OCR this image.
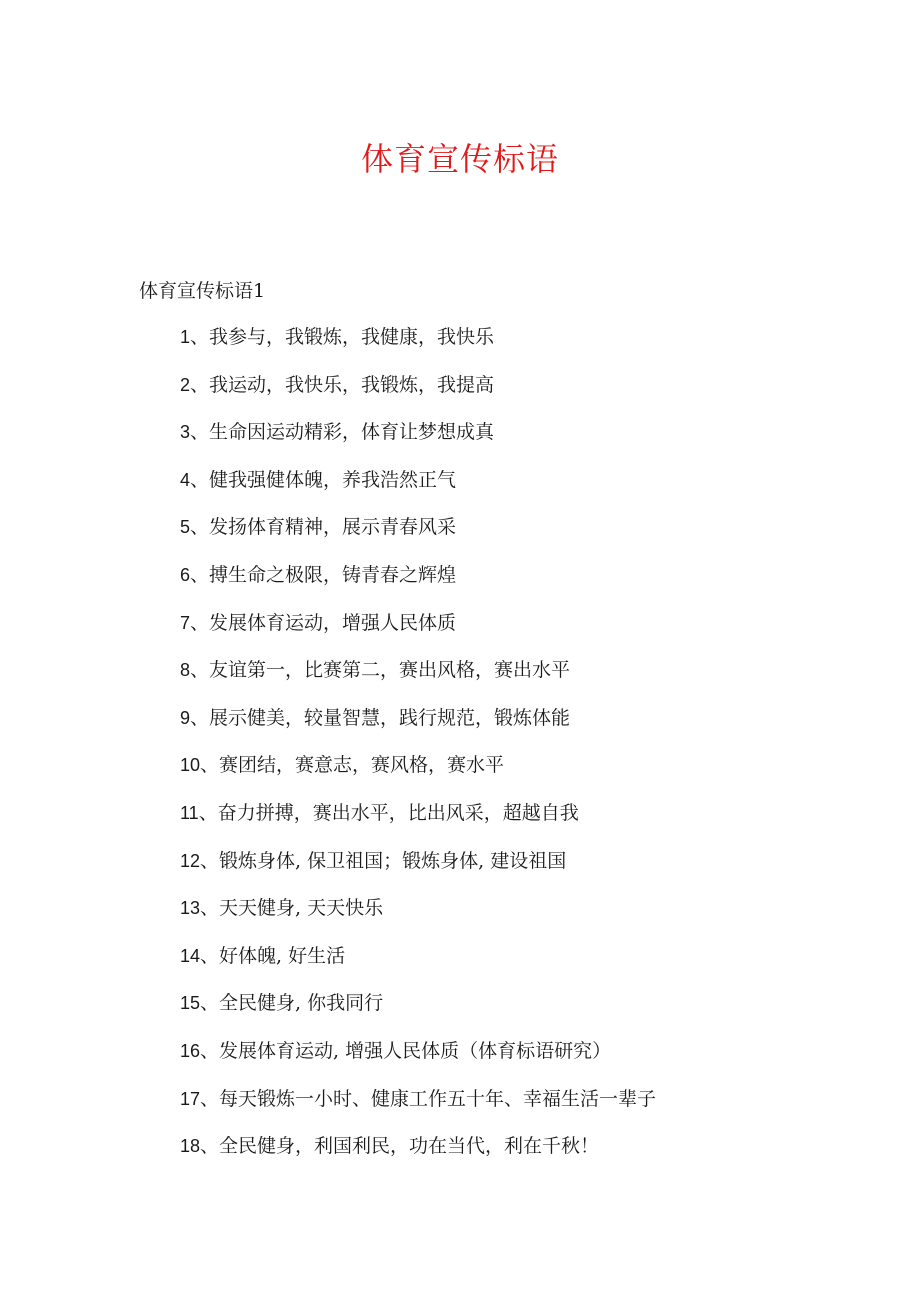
体育宣传标语
体育宣传标语1
1、我参与，我锻炼，我健康，我快乐
2、我运动，我快乐，我锻炼，我提高
3、生命因运动精彩，体育让梦想成真
4、健我强健体魄，养我浩然正气
5、发扬体育精神，展示青春风采
6、搏生命之极限，铸青春之辉煌
7、发展体育运动，增强人民体质
8、友谊第一，比赛第二，赛出风格，赛出水平
9、展示健美，较量智慧，践行规范，锻炼体能
10、赛团结，赛意志，赛风格，赛水平
11、奋力拼搏，赛出水平，比出风采，超越自我
12、锻炼身体, 保卫祖国；锻炼身体, 建设祖国
13、天天健身, 天天快乐
14、好体魄, 好生活
15、全民健身, 你我同行
16、发展体育运动, 增强人民体质（体育标语研究）
17、每天锻炼一小时、健康工作五十年、幸福生活一辈子
18、全民健身，利国利民，功在当代，利在千秋！
